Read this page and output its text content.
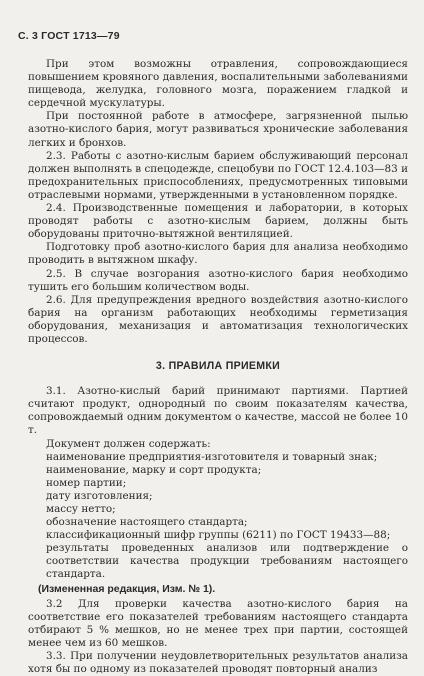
С. 3 ГОСТ 1713—79

При этом возможны отравления, сопровождающиеся повышением кровяного давления, воспалительными заболеваниями пищевода, желудка, головного мозга, поражением гладкой и сердечной мускулатуры.

При постоянной работе в атмосфере, загрязненной пылью азотно-кислого бария, могут развиваться хронические заболевания легких и бронхов.

2.3. Работы с азотно-кислым барием обслуживающий персонал должен выполнять в спецодежде, спецобуви по ГОСТ 12.4.103—83 и предохранительных приспособлениях, предусмотренных типовыми отраслевыми нормами, утвержденными в установленном порядке.

2.4. Производственные помещения и лаборатории, в которых проводят работы с азотно-кислым барием, должны быть оборудованы приточно-вытяжной вентиляцией.

Подготовку проб азотно-кислого бария для анализа необходимо проводить в вытяжном шкафу.

2.5. В случае возгорания азотно-кислого бария необходимо тушить его большим количеством воды.

2.6. Для предупреждения вредного воздействия азотно-кислого бария на организм работающих необходимы герметизация оборудования, механизация и автоматизация технологических процессов.

3. ПРАВИЛА ПРИЕМКИ

3.1. Азотно-кислый барий принимают партиями. Партией считают продукт, однородный по своим показателям качества, сопровождаемый одним документом о качестве, массой не более 10 т.

Документ должен содержать:

наименование предприятия-изготовителя и товарный знак;

наименование, марку и сорт продукта;

номер партии;

дату изготовления;

массу нетто;

обозначение настоящего стандарта;

классификационный шифр группы (6211) по ГОСТ 19433—88;

результаты проведенных анализов или подтверждение о соответствии качества продукции требованиям настоящего стандарта.

(Измененная редакция, Изм. № 1).

3.2 Для проверки качества азотно-кислого бария на соответствие его показателей требованиям настоящего стандарта отбирают 5 % мешков, но не менее трех при партии, состоящей менее чем из 60 мешков.

3.3. При получении неудовлетворительных результатов анализа хотя бы по одному из показателей проводят повторный анализ
